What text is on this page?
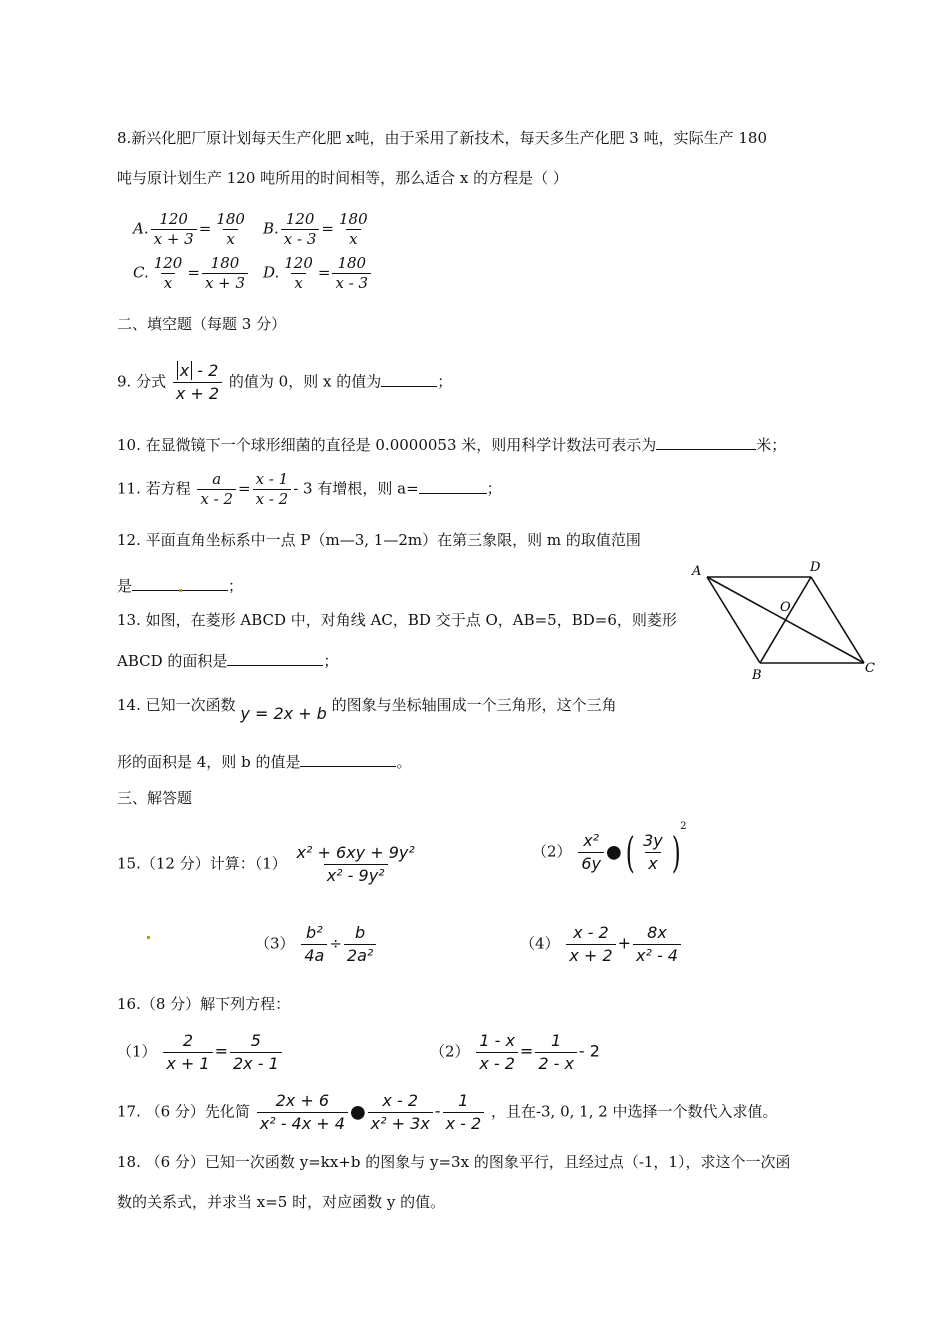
8.新兴化肥厂原计划每天生产化肥 x吨，由于采用了新技术，每天多生产化肥 3 吨，实际生产 180
吨与原计划生产 120 吨所用的时间相等，那么适合 x 的方程是（ ）
A. $\frac{120}{x + 3} = \frac{180}{x} B$. $\frac{120}{x - 3} = \frac{180}{x}$
C. $\frac{120}{x} = \frac{180}{x + 3} D$. $\frac{120}{x} = \frac{180}{x - 3}$
二、填空题（每题 3 分）
9. 分式 $\frac{x - 2}{x + 2}$ 的值为 0，则 x 的值为	；
10. 在显微镜下一个球形细菌的直径是 0.0000053 米，则用科学计数法可表示为	米；
11. 若方程 $\frac{a}{x - 2} = \frac{x - 1}{x - 2} - 3$ 有增根，则 a=	；
12. 平面直角坐标系中一点 P（m—3, 1—2m）在第三象限，则 m 的取值范围
是	；
13. 如图，在菱形 ABCD 中，对角线 AC，BD 交于点 O，AB=5，BD=6，则菱形
ABCD 的面积是	；
A	D
O
C
B
14. 已知一次函数 y = 2x + b 的图象与坐标轴围成一个三角形，这个三角
形的面积是 4，则 b 的值是	。
三、解答题
15.（12 分）计算：$(1) \frac{\text{x² + 6xy + 9y²}}{\text{x² - 9y²}}$	$(2) \frac{\text{x²}}{6y}$ ●( $\frac{3y}{x} )^2$
$(3) \frac{\text{b²}}{4a} \div \frac{b}{\text{2a²}}$	$(4) \frac{x - 2}{x + 2} + \frac{8x}{\text{x² - 4}}$
16.（8 分）解下列方程：
$(1) \frac{2}{x + 1} = \frac{5}{2x - 1}$	$(2) \frac{1 - x}{x - 2} = \frac{1}{2 - x} - 2$
17. （6 分）先化简 $\frac{2x + 6}{\text{x² - 4x + 4}}$ ● $\frac{x - 2}{\text{x² + 3x}} - \frac{1}{x - 2}$ ，且在-3, 0, 1, 2 中选择一个数代入求值。
18. （6 分）已知一次函数 y=kx+b 的图象与 y=3x 的图象平行，且经过点（-1，1），求这个一次函
数的关系式，并求当 x=5 时，对应函数 y 的值。
